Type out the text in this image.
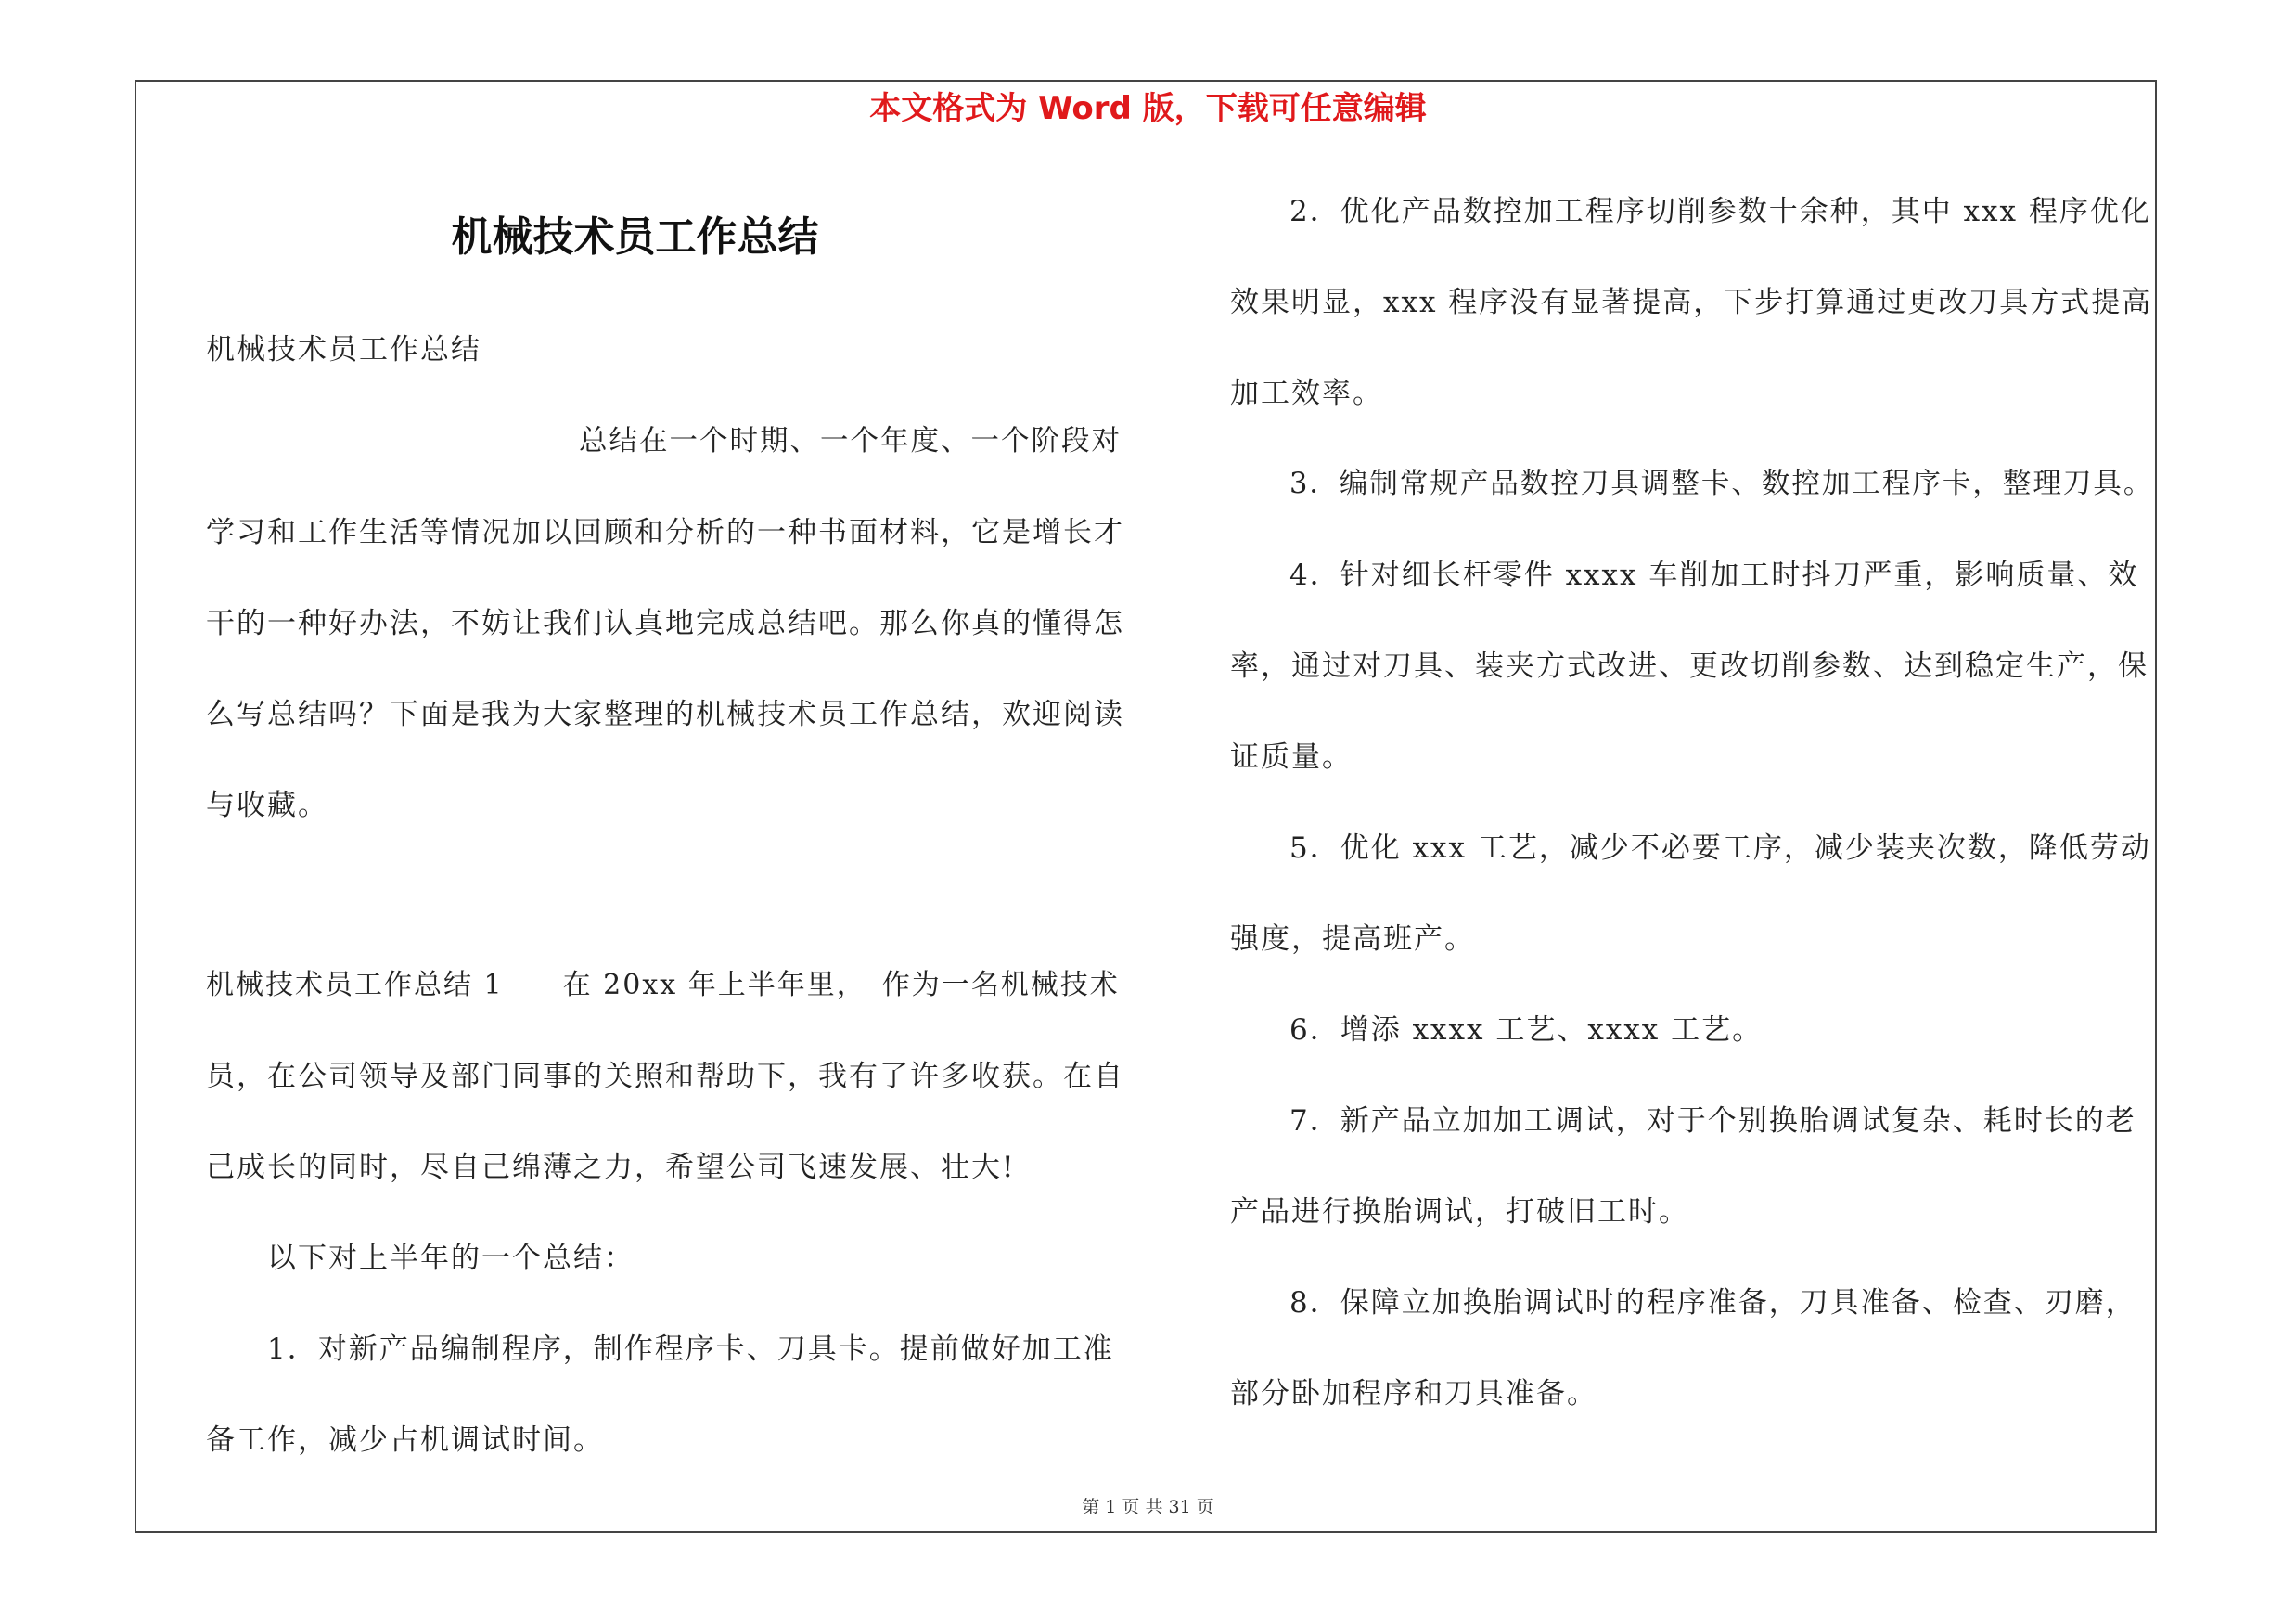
本文格式为 Word 版，下载可任意编辑
机械技术员工作总结
机械技术员工作总结
总结在一个时期、一个年度、一个阶段对
学习和工作生活等情况加以回顾和分析的一种书面材料，它是增长才
干的一种好办法，不妨让我们认真地完成总结吧。那么你真的懂得怎
么写总结吗？下面是我为大家整理的机械技术员工作总结，欢迎阅读
与收藏。
机械技术员工作总结 1　　在 20xx 年上半年里，　作为一名机械技术
员，在公司领导及部门同事的关照和帮助下，我有了许多收获。在自
己成长的同时，尽自己绵薄之力，希望公司飞速发展、壮大!
以下对上半年的一个总结：
1．对新产品编制程序，制作程序卡、刀具卡。提前做好加工准
备工作，减少占机调试时间。
2．优化产品数控加工程序切削参数十余种，其中 xxx 程序优化
效果明显，xxx 程序没有显著提高，下步打算通过更改刀具方式提高
加工效率。
3．编制常规产品数控刀具调整卡、数控加工程序卡，整理刀具。
4．针对细长杆零件 xxxx 车削加工时抖刀严重，影响质量、效
率，通过对刀具、装夹方式改进、更改切削参数、达到稳定生产，保
证质量。
5．优化 xxx 工艺，减少不必要工序，减少装夹次数，降低劳动
强度，提高班产。
6．增添 xxxx 工艺、xxxx 工艺。
7．新产品立加加工调试，对于个别换胎调试复杂、耗时长的老
产品进行换胎调试，打破旧工时。
8．保障立加换胎调试时的程序准备，刀具准备、检查、刃磨，
部分卧加程序和刀具准备。
第 1 页 共 31 页
